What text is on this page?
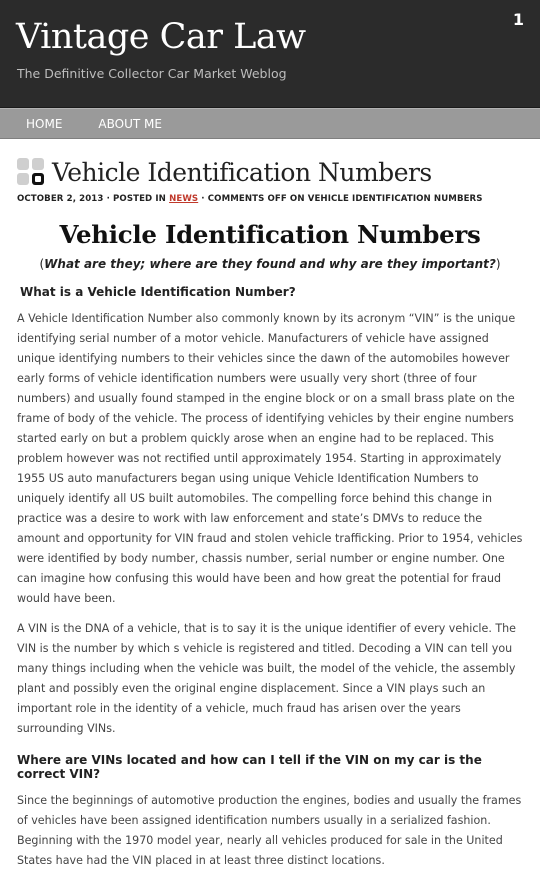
Vintage Car Law
The Definitive Collector Car Market Weblog
1
HOME	ABOUT ME
Vehicle Identification Numbers
OCTOBER 2, 2013 · POSTED IN NEWS · COMMENTS OFF ON VEHICLE IDENTIFICATION NUMBERS
Vehicle Identification Numbers
(What are they; where are they found and why are they important?)
What is a Vehicle Identification Number?

A Vehicle Identification Number also commonly known by its acronym “VIN” is the unique identifying serial number of a motor vehicle. Manufacturers of vehicle have assigned unique identifying numbers to their vehicles since the dawn of the automobiles however early forms of vehicle identification numbers were usually very short (three of four numbers) and usually found stamped in the engine block or on a small brass plate on the frame of body of the vehicle. The process of identifying vehicles by their engine numbers started early on but a problem quickly arose when an engine had to be replaced. This problem however was not rectified until approximately 1954. Starting in approximately 1955 US auto manufacturers began using unique Vehicle Identification Numbers to uniquely identify all US built automobiles. The compelling force behind this change in practice was a desire to work with law enforcement and state’s DMVs to reduce the amount and opportunity for VIN fraud and stolen vehicle trafficking. Prior to 1954, vehicles were identified by body number, chassis number, serial number or engine number. One can imagine how confusing this would have been and how great the potential for fraud would have been.

A VIN is the DNA of a vehicle, that is to say it is the unique identifier of every vehicle. The VIN is the number by which s vehicle is registered and titled. Decoding a VIN can tell you many things including when the vehicle was built, the model of the vehicle, the assembly plant and possibly even the original engine displacement. Since a VIN plays such an important role in the identity of a vehicle, much fraud has arisen over the years surrounding VINs.

Where are VINs located and how can I tell if the VIN on my car is the correct VIN?

Since the beginnings of automotive production the engines, bodies and usually the frames of vehicles have been assigned identification numbers usually in a serialized fashion. Beginning with the 1970 model year, nearly all vehicles produced for sale in the United States have had the VIN placed in at least three distinct locations.
